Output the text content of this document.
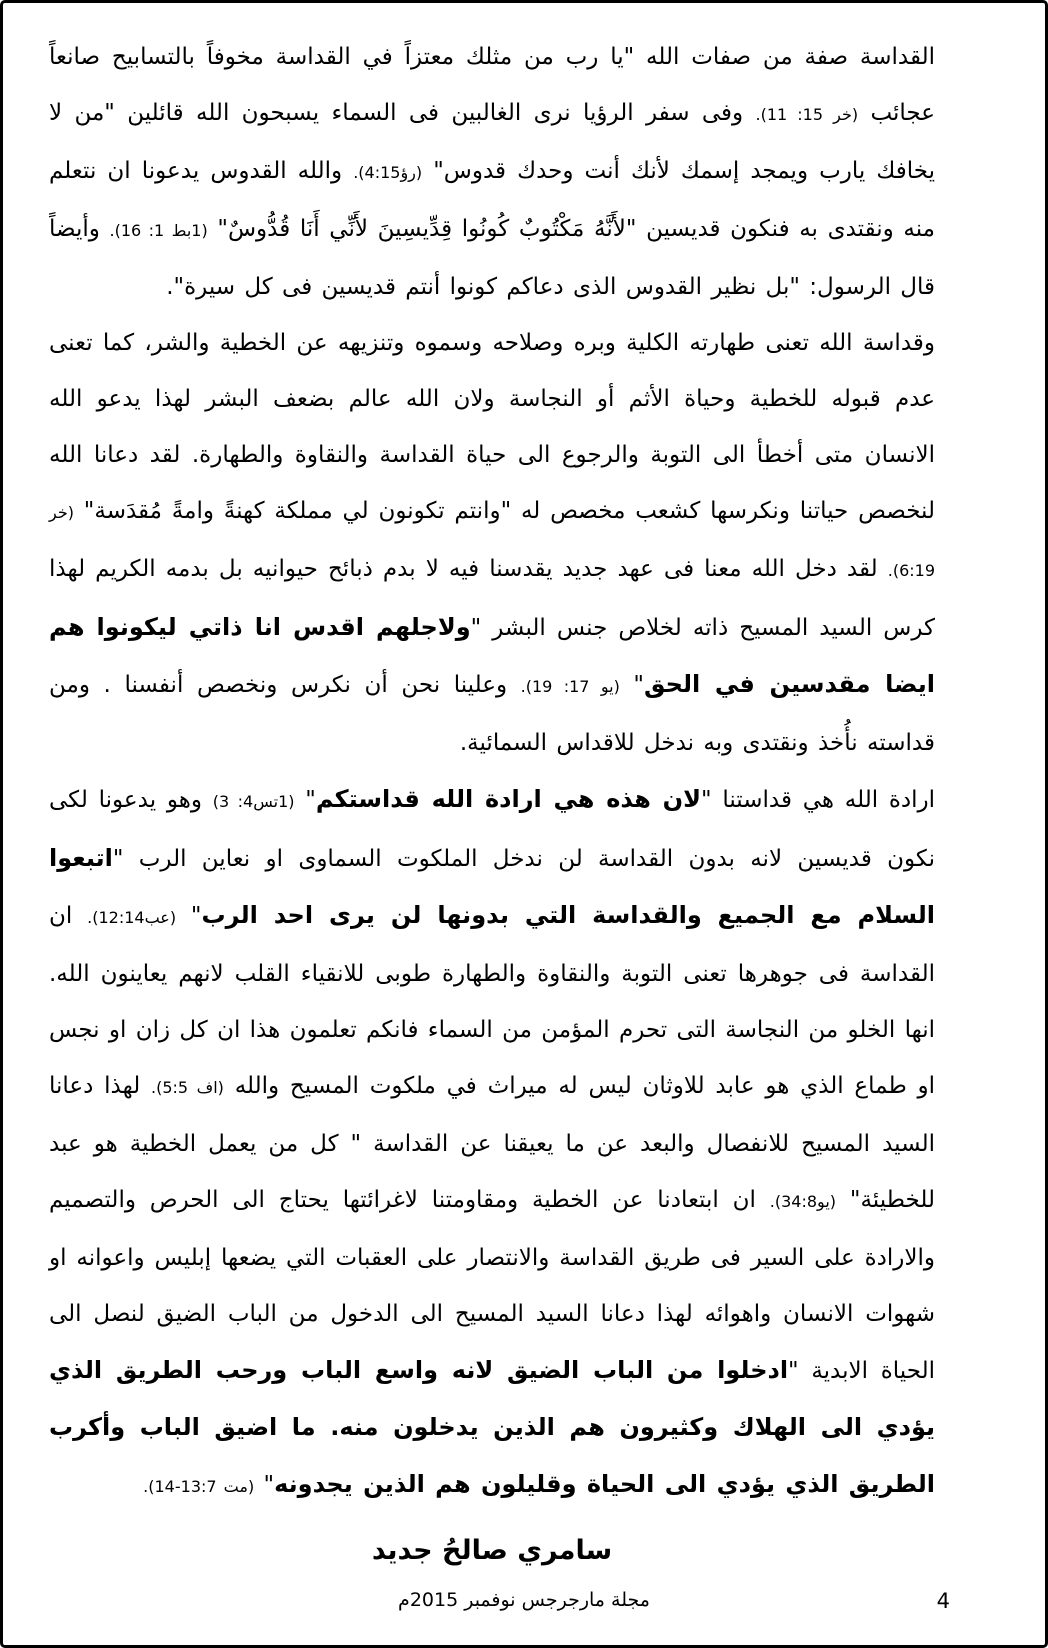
القداسة صفة من صفات الله "يا رب من مثلك معتزاً في القداسة مخوفاً بالتسابيح صانعاً عجائب (خر 15: 11). وفى سفر الرؤيا نرى الغالبين فى السماء يسبحون الله قائلين "من لا يخافك يارب ويمجد إسمك لأنك أنت وحدك قدوس" (رؤ4:15). والله القدوس يدعونا ان نتعلم منه ونقتدى به فنكون قديسين "لأَنَّهُ مَكْتُوبٌ كُونُوا قِدِّيسِينَ لأَنِّي أَنَا قُدُّوسٌ" (1بط 1: 16). وأيضاً قال الرسول: "بل نظير القدوس الذى دعاكم كونوا أنتم قديسين فى كل سيرة".

وقداسة الله تعنى طهارته الكلية وبره وصلاحه وسموه وتنزيهه عن الخطية والشر، كما تعنى عدم قبوله للخطية وحياة الأثم أو النجاسة ولان الله عالم بضعف البشر لهذا يدعو الله الانسان متى أخطأ الى التوبة والرجوع الى حياة القداسة والنقاوة والطهارة. لقد دعانا الله لنخصص حياتنا ونكرسها كشعب مخصص له "وانتم تكونون لي مملكة كهنةً وامةً مُقدَسة" (خر 6:19). لقد دخل الله معنا فى عهد جديد يقدسنا فيه لا بدم ذبائح حيوانيه بل بدمه الكريم لهذا كرس السيد المسيح ذاته لخلاص جنس البشر "ولاجلهم اقدس انا ذاتي ليكونوا هم ايضا مقدسين في الحق" (يو 17: 19). وعلينا نحن أن نكرس ونخصص أنفسنا . ومن قداسته نأُخذ ونقتدى وبه ندخل للاقداس السمائية.

ارادة الله هي قداستنا "لان هذه هي ارادة الله قداستكم" (1تس4: 3) وهو يدعونا لكى نكون قديسين لانه بدون القداسة لن ندخل الملكوت السماوى او نعاين الرب "اتبعوا السلام مع الجميع والقداسة التي بدونها لن يرى احد الرب" (عب12:14). ان القداسة فى جوهرها تعنى التوبة والنقاوة والطهارة طوبى للانقياء القلب لانهم يعاينون الله. انها الخلو من النجاسة التى تحرم المؤمن من السماء فانكم تعلمون هذا ان كل زان او نجس او طماع الذي هو عابد للاوثان ليس له ميراث في ملكوت المسيح والله (اف 5:5). لهذا دعانا السيد المسيح للانفصال والبعد عن ما يعيقنا عن القداسة " كل من يعمل الخطية هو عبد للخطيئة" (يو34:8). ان ابتعادنا عن الخطية ومقاومتنا لاغرائتها يحتاج الى الحرص والتصميم والارادة على السير فى طريق القداسة والانتصار على العقبات التي يضعها إبليس واعوانه او شهوات الانسان واهوائه لهذا دعانا السيد المسيح الى الدخول من الباب الضيق لنصل الى الحياة الابدية "ادخلوا من الباب الضيق لانه واسع الباب ورحب الطريق الذي يؤدي الى الهلاك وكثيرون هم الذين يدخلون منه. ما اضيق الباب وأكرب الطريق الذي يؤدي الى الحياة وقليلون هم الذين يجدونه" (مت 13:7-14).

سامري صالحُ جديد

مجلة مارجرجس نوفمبر 2015م	4
